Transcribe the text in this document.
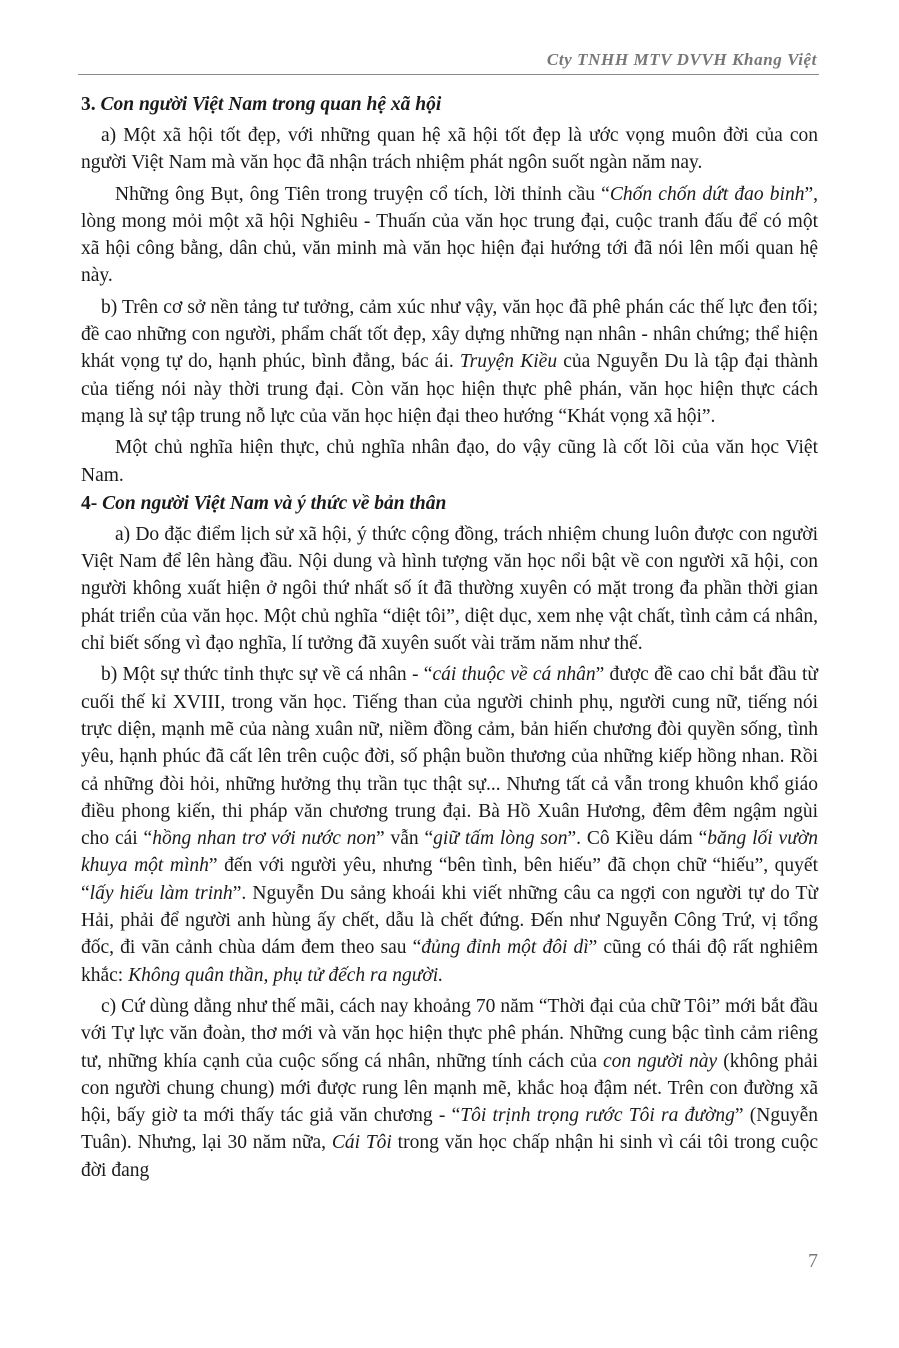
Cty TNHH MTV DVVH Khang Việt
3. Con người Việt Nam trong quan hệ xã hội

a) Một xã hội tốt đẹp, với những quan hệ xã hội tốt đẹp là ước vọng muôn đời của con người Việt Nam mà văn học đã nhận trách nhiệm phát ngôn suốt ngàn năm nay.

Những ông Bụt, ông Tiên trong truyện cổ tích, lời thỉnh cầu “Chốn chốn dứt đao binh”, lòng mong mỏi một xã hội Nghiêu - Thuấn của văn học trung đại, cuộc tranh đấu để có một xã hội công bằng, dân chủ, văn minh mà văn học hiện đại hướng tới đã nói lên mối quan hệ này.

b) Trên cơ sở nền tảng tư tưởng, cảm xúc như vậy, văn học đã phê phán các thế lực đen tối; đề cao những con người, phẩm chất tốt đẹp, xây dựng những nạn nhân - nhân chứng; thể hiện khát vọng tự do, hạnh phúc, bình đẳng, bác ái. Truyện Kiều của Nguyễn Du là tập đại thành của tiếng nói này thời trung đại. Còn văn học hiện thực phê phán, văn học hiện thực cách mạng là sự tập trung nỗ lực của văn học hiện đại theo hướng “Khát vọng xã hội”.

Một chủ nghĩa hiện thực, chủ nghĩa nhân đạo, do vậy cũng là cốt lõi của văn học Việt Nam.

4- Con người Việt Nam và ý thức về bản thân

a) Do đặc điểm lịch sử xã hội, ý thức cộng đồng, trách nhiệm chung luôn được con người Việt Nam để lên hàng đầu. Nội dung và hình tượng văn học nổi bật về con người xã hội, con người không xuất hiện ở ngôi thứ nhất số ít đã thường xuyên có mặt trong đa phần thời gian phát triển của văn học. Một chủ nghĩa “diệt tôi”, diệt dục, xem nhẹ vật chất, tình cảm cá nhân, chỉ biết sống vì đạo nghĩa, lí tưởng đã xuyên suốt vài trăm năm như thế.

b) Một sự thức tỉnh thực sự về cá nhân - “cái thuộc về cá nhân” được đề cao chỉ bắt đầu từ cuối thế kỉ XVIII, trong văn học. Tiếng than của người chinh phụ, người cung nữ, tiếng nói trực diện, mạnh mẽ của nàng xuân nữ, niềm đồng cảm, bản hiến chương đòi quyền sống, tình yêu, hạnh phúc đã cất lên trên cuộc đời, số phận buồn thương của những kiếp hồng nhan. Rồi cả những đòi hỏi, những hưởng thụ trần tục thật sự... Nhưng tất cả vẫn trong khuôn khổ giáo điều phong kiến, thi pháp văn chương trung đại. Bà Hồ Xuân Hương, đêm đêm ngậm ngùi cho cái “hồng nhan trơ với nước non” vẫn “giữ tấm lòng son”. Cô Kiều dám “băng lối vườn khuya một mình” đến với người yêu, nhưng “bên tình, bên hiếu” đã chọn chữ “hiếu”, quyết “lấy hiếu làm trinh”. Nguyễn Du sảng khoái khi viết những câu ca ngợi con người tự do Từ Hải, phải để người anh hùng ấy chết, dẫu là chết đứng. Đến như Nguyễn Công Trứ, vị tổng đốc, đi vãn cảnh chùa dám đem theo sau “đủng đỉnh một đôi dì” cũng có thái độ rất nghiêm khắc: Không quân thần, phụ tử đếch ra người.

c) Cứ dùng dằng như thế mãi, cách nay khoảng 70 năm “Thời đại của chữ Tôi” mới bắt đầu với Tự lực văn đoàn, thơ mới và văn học hiện thực phê phán. Những cung bậc tình cảm riêng tư, những khía cạnh của cuộc sống cá nhân, những tính cách của con người này (không phải con người chung chung) mới được rung lên mạnh mẽ, khắc hoạ đậm nét. Trên con đường xã hội, bấy giờ ta mới thấy tác giả văn chương - “Tôi trịnh trọng rước Tôi ra đường” (Nguyễn Tuân). Nhưng, lại 30 năm nữa, Cái Tôi trong văn học chấp nhận hi sinh vì cái tôi trong cuộc đời đang

7
